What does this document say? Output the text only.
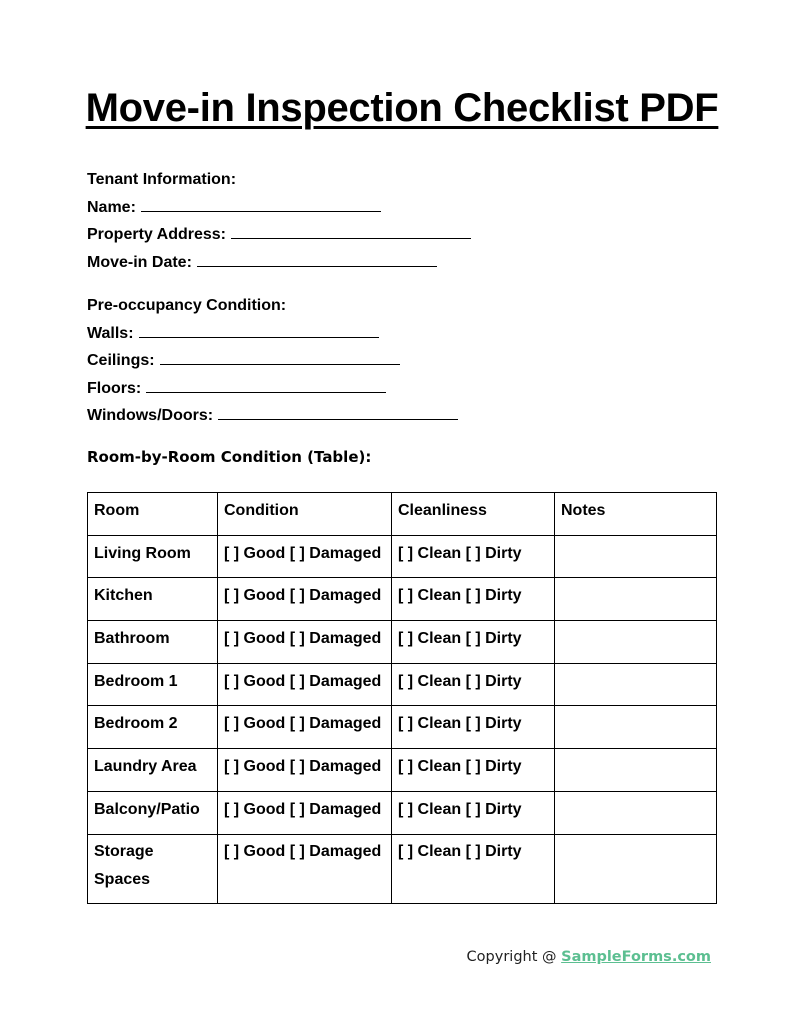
Move-in Inspection Checklist PDF
Tenant Information:
Name:
Property Address:
Move-in Date:
Pre-occupancy Condition:
Walls:
Ceilings:
Floors:
Windows/Doors:
Room-by-Room Condition (Table):
Room	Condition	Cleanliness	Notes
Living Room	[ ] Good [ ] Damaged	[ ] Clean [ ] Dirty	
Kitchen	[ ] Good [ ] Damaged	[ ] Clean [ ] Dirty	
Bathroom	[ ] Good [ ] Damaged	[ ] Clean [ ] Dirty	
Bedroom 1	[ ] Good [ ] Damaged	[ ] Clean [ ] Dirty	
Bedroom 2	[ ] Good [ ] Damaged	[ ] Clean [ ] Dirty	
Laundry Area	[ ] Good [ ] Damaged	[ ] Clean [ ] Dirty	
Balcony/Patio	[ ] Good [ ] Damaged	[ ] Clean [ ] Dirty	
Storage Spaces	[ ] Good [ ] Damaged	[ ] Clean [ ] Dirty	
Copyright @ SampleForms.com
